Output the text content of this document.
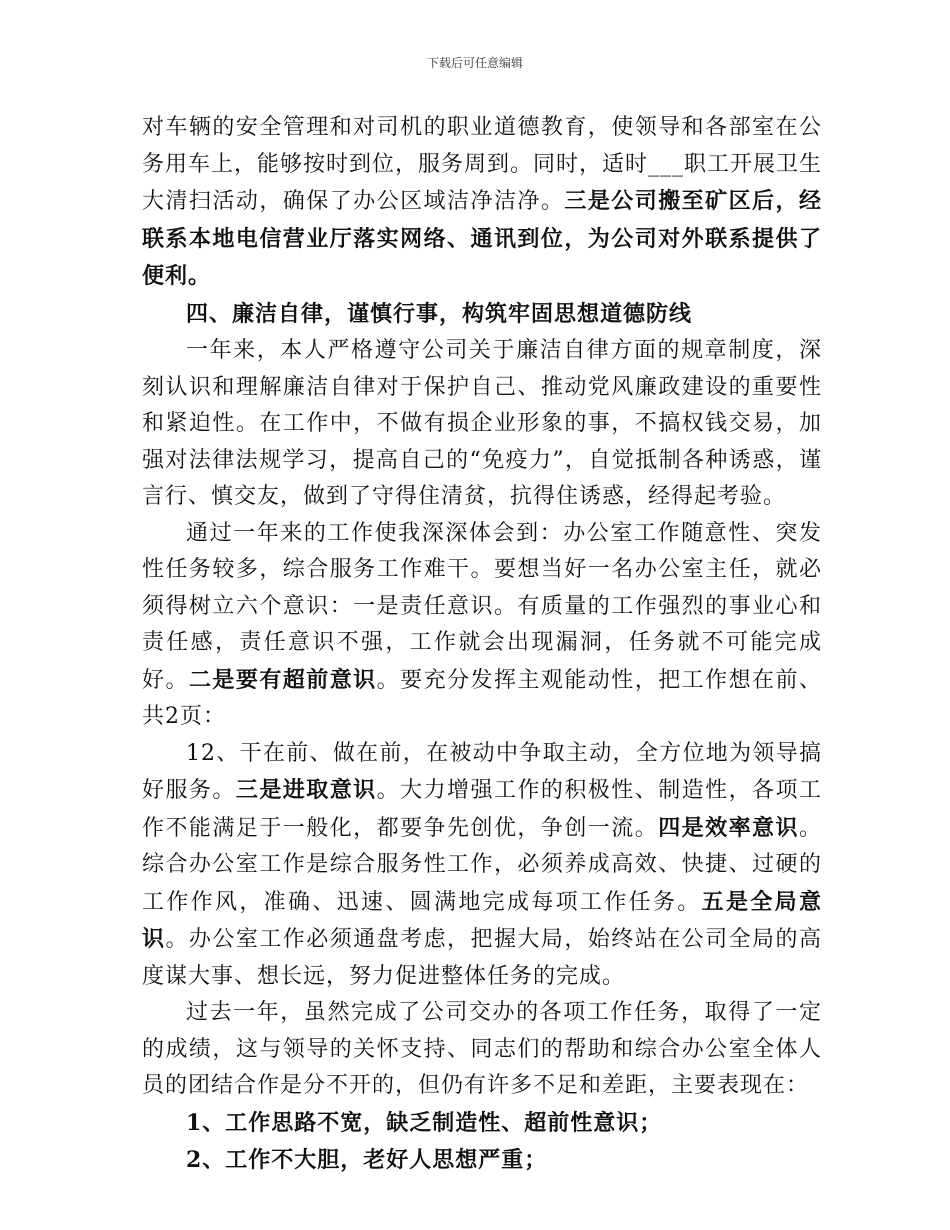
下载后可任意编辑

对车辆的安全管理和对司机的职业道德教育，使领导和各部室在公务用车上，能够按时到位，服务周到。同时，适时___职工开展卫生大清扫活动，确保了办公区域洁净洁净。三是公司搬至矿区后，经联系本地电信营业厅落实网络、通讯到位，为公司对外联系提供了便利。

四、廉洁自律，谨慎行事，构筑牢固思想道德防线

一年来，本人严格遵守公司关于廉洁自律方面的规章制度，深刻认识和理解廉洁自律对于保护自己、推动党风廉政建设的重要性和紧迫性。在工作中，不做有损企业形象的事，不搞权钱交易，加强对法律法规学习，提高自己的“免疫力”，自觉抵制各种诱惑，谨言行、慎交友，做到了守得住清贫，抗得住诱惑，经得起考验。

通过一年来的工作使我深深体会到：办公室工作随意性、突发性任务较多，综合服务工作难干。要想当好一名办公室主任，就必须得树立六个意识：一是责任意识。有质量的工作强烈的事业心和责任感，责任意识不强，工作就会出现漏洞，任务就不可能完成好。二是要有超前意识。要充分发挥主观能动性，把工作想在前、共2页：

12、干在前、做在前，在被动中争取主动，全方位地为领导搞好服务。三是进取意识。大力增强工作的积极性、制造性，各项工作不能满足于一般化，都要争先创优，争创一流。四是效率意识。综合办公室工作是综合服务性工作，必须养成高效、快捷、过硬的工作作风，准确、迅速、圆满地完成每项工作任务。五是全局意识。办公室工作必须通盘考虑，把握大局，始终站在公司全局的高度谋大事、想长远，努力促进整体任务的完成。

过去一年，虽然完成了公司交办的各项工作任务，取得了一定的成绩，这与领导的关怀支持、同志们的帮助和综合办公室全体人员的团结合作是分不开的，但仍有许多不足和差距，主要表现在：

1、工作思路不宽，缺乏制造性、超前性意识；

2、工作不大胆，老好人思想严重；
